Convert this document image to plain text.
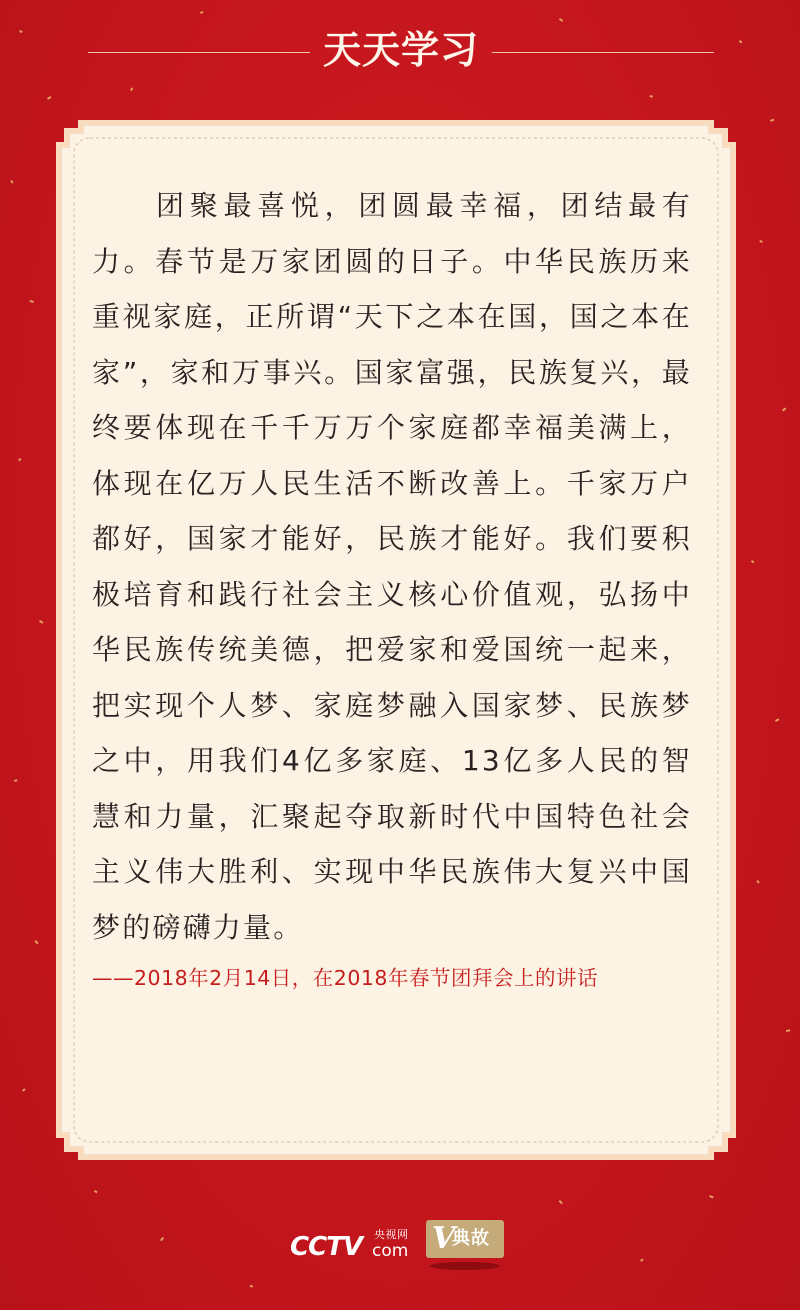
天天学习

团聚最喜悦，团圆最幸福，团结最有力。春节是万家团圆的日子。中华民族历来重视家庭，正所谓“天下之本在国，国之本在家”，家和万事兴。国家富强，民族复兴，最终要体现在千千万万个家庭都幸福美满上，体现在亿万人民生活不断改善上。千家万户都好，国家才能好，民族才能好。我们要积极培育和践行社会主义核心价值观，弘扬中华民族传统美德，把爱家和爱国统一起来，把实现个人梦、家庭梦融入国家梦、民族梦之中，用我们4亿多家庭、13亿多人民的智慧和力量，汇聚起夺取新时代中国特色社会主义伟大胜利、实现中华民族伟大复兴中国梦的磅礴力量。

——2018年2月14日，在2018年春节团拜会上的讲话

CCTV 央视网
com V
典故
